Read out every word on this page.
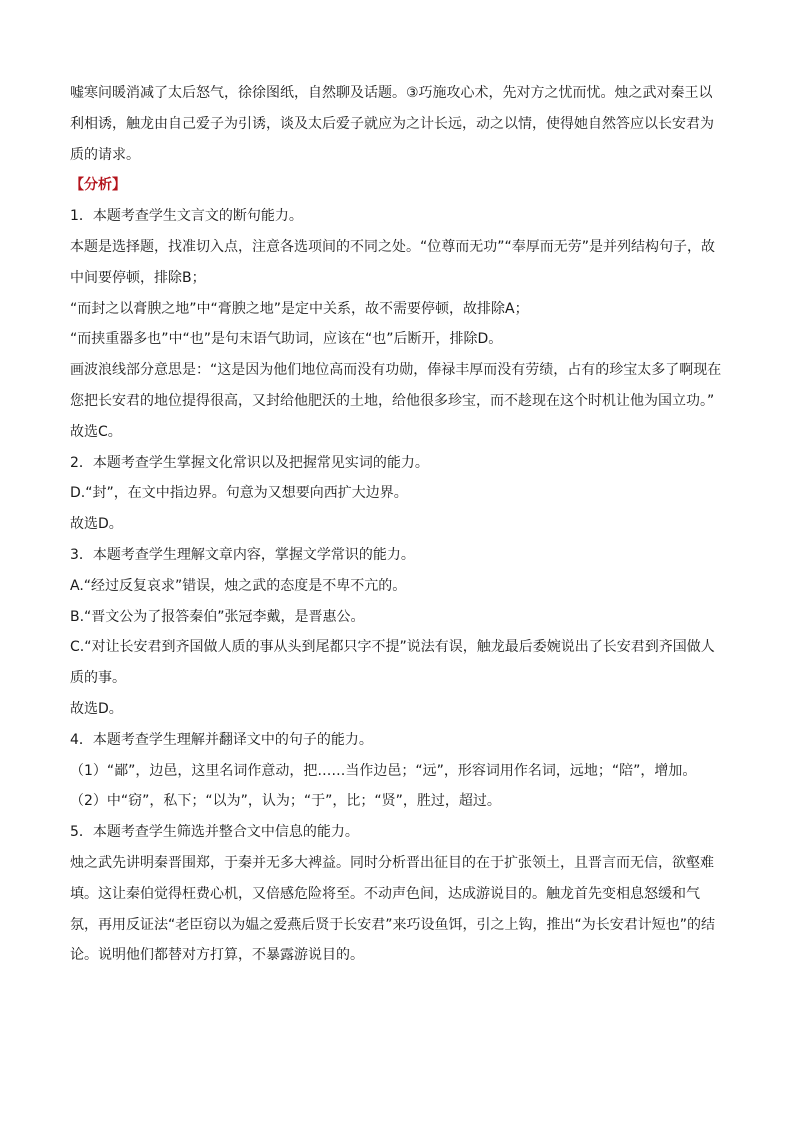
嘘寒问暖消减了太后怒气，徐徐图纸，自然聊及话题。③巧施攻心术，先对方之忧而忧。烛之武对秦王以利相诱，触龙由自己爱子为引诱，谈及太后爱子就应为之计长远，动之以情，使得她自然答应以长安君为质的请求。

【分析】

1．本题考查学生文言文的断句能力。

本题是选择题，找准切入点，注意各选项间的不同之处。“位尊而无功”“奉厚而无劳”是并列结构句子，故中间要停顿，排除B；

“而封之以膏腴之地”中“膏腴之地”是定中关系，故不需要停顿，故排除A；

“而挟重器多也”中“也”是句末语气助词，应该在“也”后断开，排除D。

画波浪线部分意思是：“这是因为他们地位高而没有功勋，俸禄丰厚而没有劳绩，占有的珍宝太多了啊现在您把长安君的地位提得很高，又封给他肥沃的土地，给他很多珍宝，而不趁现在这个时机让他为国立功。”

故选C。

2．本题考查学生掌握文化常识以及把握常见实词的能力。

D.“封”，在文中指边界。句意为又想要向西扩大边界。

故选D。

3．本题考查学生理解文章内容，掌握文学常识的能力。

A.“经过反复哀求”错误，烛之武的态度是不卑不亢的。

B.“晋文公为了报答秦伯”张冠李戴，是晋惠公。

C.“对让长安君到齐国做人质的事从头到尾都只字不提”说法有误，触龙最后委婉说出了长安君到齐国做人质的事。

故选D。

4．本题考查学生理解并翻译文中的句子的能力。

（1）“鄙”，边邑，这里名词作意动，把……当作边邑；“远”，形容词用作名词，远地；“陪”，增加。

（2）中“窃”，私下；“以为”，认为；“于”，比；“贤”，胜过，超过。

5．本题考查学生筛选并整合文中信息的能力。

烛之武先讲明秦晋围郑，于秦并无多大裨益。同时分析晋出征目的在于扩张领土，且晋言而无信，欲壑难填。这让秦伯觉得枉费心机，又倍感危险将至。不动声色间，达成游说目的。触龙首先变相息怒缓和气氛，再用反证法“老臣窃以为媪之爱燕后贤于长安君”来巧设鱼饵，引之上钩，推出“为长安君计短也”的结论。说明他们都替对方打算，不暴露游说目的。
